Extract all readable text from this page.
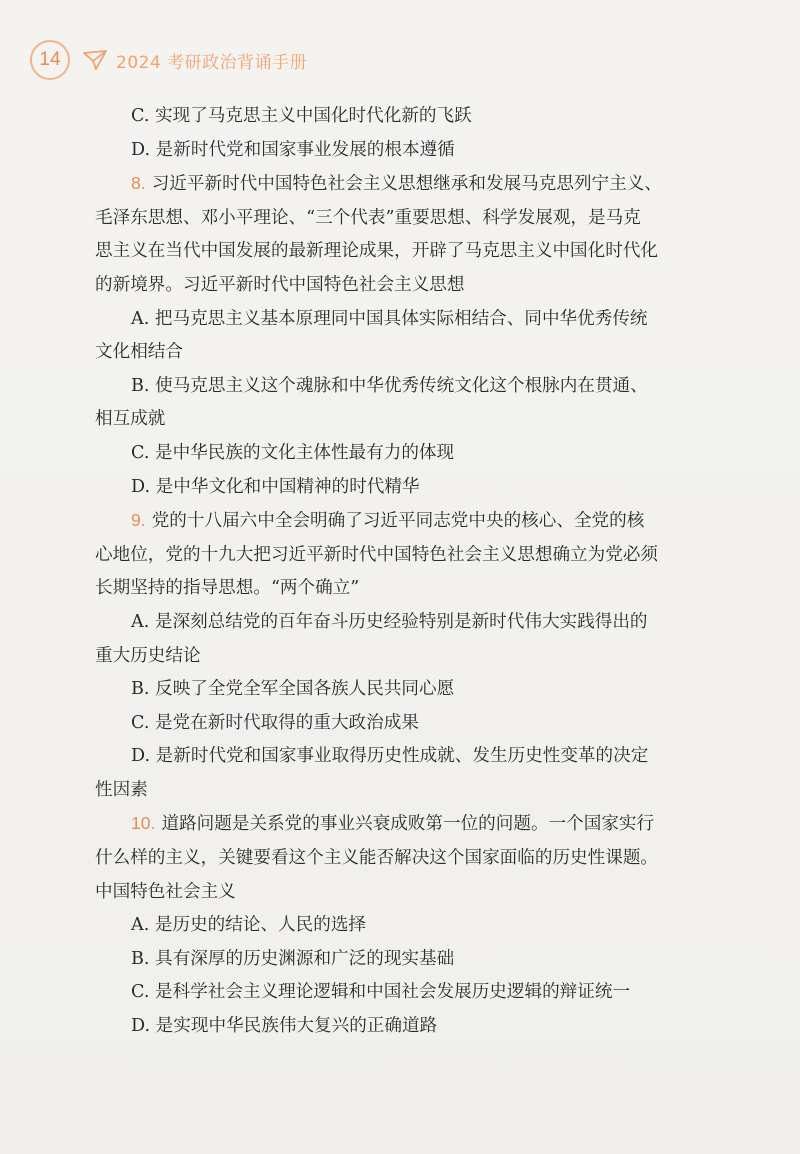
14	2024 考研政治背诵手册
C. 实现了马克思主义中国化时代化新的飞跃
D. 是新时代党和国家事业发展的根本遵循
8. 习近平新时代中国特色社会主义思想继承和发展马克思列宁主义、
毛泽东思想、邓小平理论、“三个代表”重要思想、科学发展观，是马克
思主义在当代中国发展的最新理论成果，开辟了马克思主义中国化时代化
的新境界。习近平新时代中国特色社会主义思想
A. 把马克思主义基本原理同中国具体实际相结合、同中华优秀传统
文化相结合
B. 使马克思主义这个魂脉和中华优秀传统文化这个根脉内在贯通、
相互成就
C. 是中华民族的文化主体性最有力的体现
D. 是中华文化和中国精神的时代精华
9. 党的十八届六中全会明确了习近平同志党中央的核心、全党的核
心地位，党的十九大把习近平新时代中国特色社会主义思想确立为党必须
长期坚持的指导思想。“两个确立”
A. 是深刻总结党的百年奋斗历史经验特别是新时代伟大实践得出的
重大历史结论
B. 反映了全党全军全国各族人民共同心愿
C. 是党在新时代取得的重大政治成果
D. 是新时代党和国家事业取得历史性成就、发生历史性变革的决定
性因素
10. 道路问题是关系党的事业兴衰成败第一位的问题。一个国家实行
什么样的主义，关键要看这个主义能否解决这个国家面临的历史性课题。
中国特色社会主义
A. 是历史的结论、人民的选择
B. 具有深厚的历史渊源和广泛的现实基础
C. 是科学社会主义理论逻辑和中国社会发展历史逻辑的辩证统一
D. 是实现中华民族伟大复兴的正确道路
